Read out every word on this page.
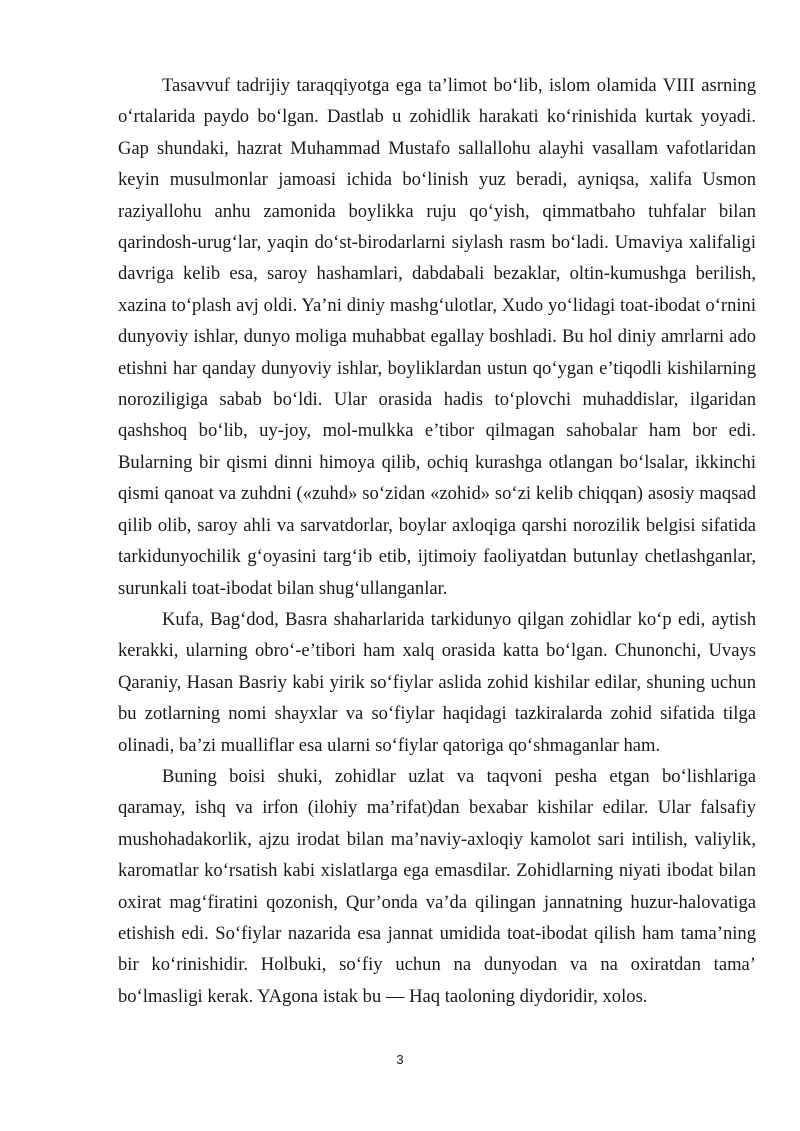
Tasavvuf tadrijiy taraqqiyotga ega ta’limot bo‘lib, islom olamida VIII asrning o‘rtalarida paydo bo‘lgan. Dastlab u zohidlik harakati ko‘rinishida kurtak yoyadi. Gap shundaki, hazrat Muhammad Mustafo sallallohu alayhi vasallam vafotlaridan keyin musulmonlar jamoasi ichida bo‘linish yuz beradi, ayniqsa, xalifa Usmon raziyallohu anhu zamonida boylikka ruju qo‘yish, qimmatbaho tuhfalar bilan qarindosh-urug‘lar, yaqin do‘st-birodarlarni siylash rasm bo‘ladi. Umaviya xalifaligi davriga kelib esa, saroy hashamlari, dabdabali bezaklar, oltin-kumushga berilish, xazina to‘plash avj oldi. Ya’ni diniy mashg‘ulotlar, Xudo yo‘lidagi toat-ibodat o‘rnini dunyoviy ishlar, dunyo moliga muhabbat egallay boshladi. Bu hol diniy amrlarni ado etishni har qanday dunyoviy ishlar, boyliklardan ustun qo‘ygan e’tiqodli kishilarning noroziligiga sabab bo‘ldi. Ular orasida hadis to‘plovchi muhaddislar, ilgaridan qashshoq bo‘lib, uy-joy, mol-mulkka e’tibor qilmagan sahobalar ham bor edi. Bularning bir qismi dinni himoya qilib, ochiq kurashga otlangan bo‘lsalar, ikkinchi qismi qanoat va zuhdni («zuhd» so‘zidan «zohid» so‘zi kelib chiqqan) asosiy maqsad qilib olib, saroy ahli va sarvatdorlar, boylar axloqiga qarshi norozilik belgisi sifatida tarkidunyochilik g‘oyasini targ‘ib etib, ijtimoiy faoliyatdan butunlay chetlashganlar, surunkali toat-ibodat bilan shug‘ullanganlar.

Kufa, Bag‘dod, Basra shaharlarida tarkidunyo qilgan zohidlar ko‘p edi, aytish kerakki, ularning obro‘-e’tibori ham xalq orasida katta bo‘lgan. Chunonchi, Uvays Qaraniy, Hasan Basriy kabi yirik so‘fiylar aslida zohid kishilar edilar, shuning uchun bu zotlarning nomi shayxlar va so‘fiylar haqidagi tazkiralarda zohid sifatida tilga olinadi, ba’zi mualliflar esa ularni so‘fiylar qatoriga qo‘shmaganlar ham.

Buning boisi shuki, zohidlar uzlat va taqvoni pesha etgan bo‘lishlariga qaramay, ishq va irfon (ilohiy ma’rifat)dan bexabar kishilar edilar. Ular falsafiy mushohadakorlik, ajzu irodat bilan ma’naviy-axloqiy kamolot sari intilish, valiylik, karomatlar ko‘rsatish kabi xislatlarga ega emasdilar. Zohidlarning niyati ibodat bilan oxirat mag‘firatini qozonish, Qur’onda va’da qilingan jannatning huzur-halovatiga etishish edi. So‘fiylar nazarida esa jannat umidida toat-ibodat qilish ham tama’ning bir ko‘rinishidir. Holbuki, so‘fiy uchun na dunyodan va na oxiratdan tama’ bo‘lmasligi kerak. YAgona istak bu — Haq taoloning diydoridir, xolos.

3
